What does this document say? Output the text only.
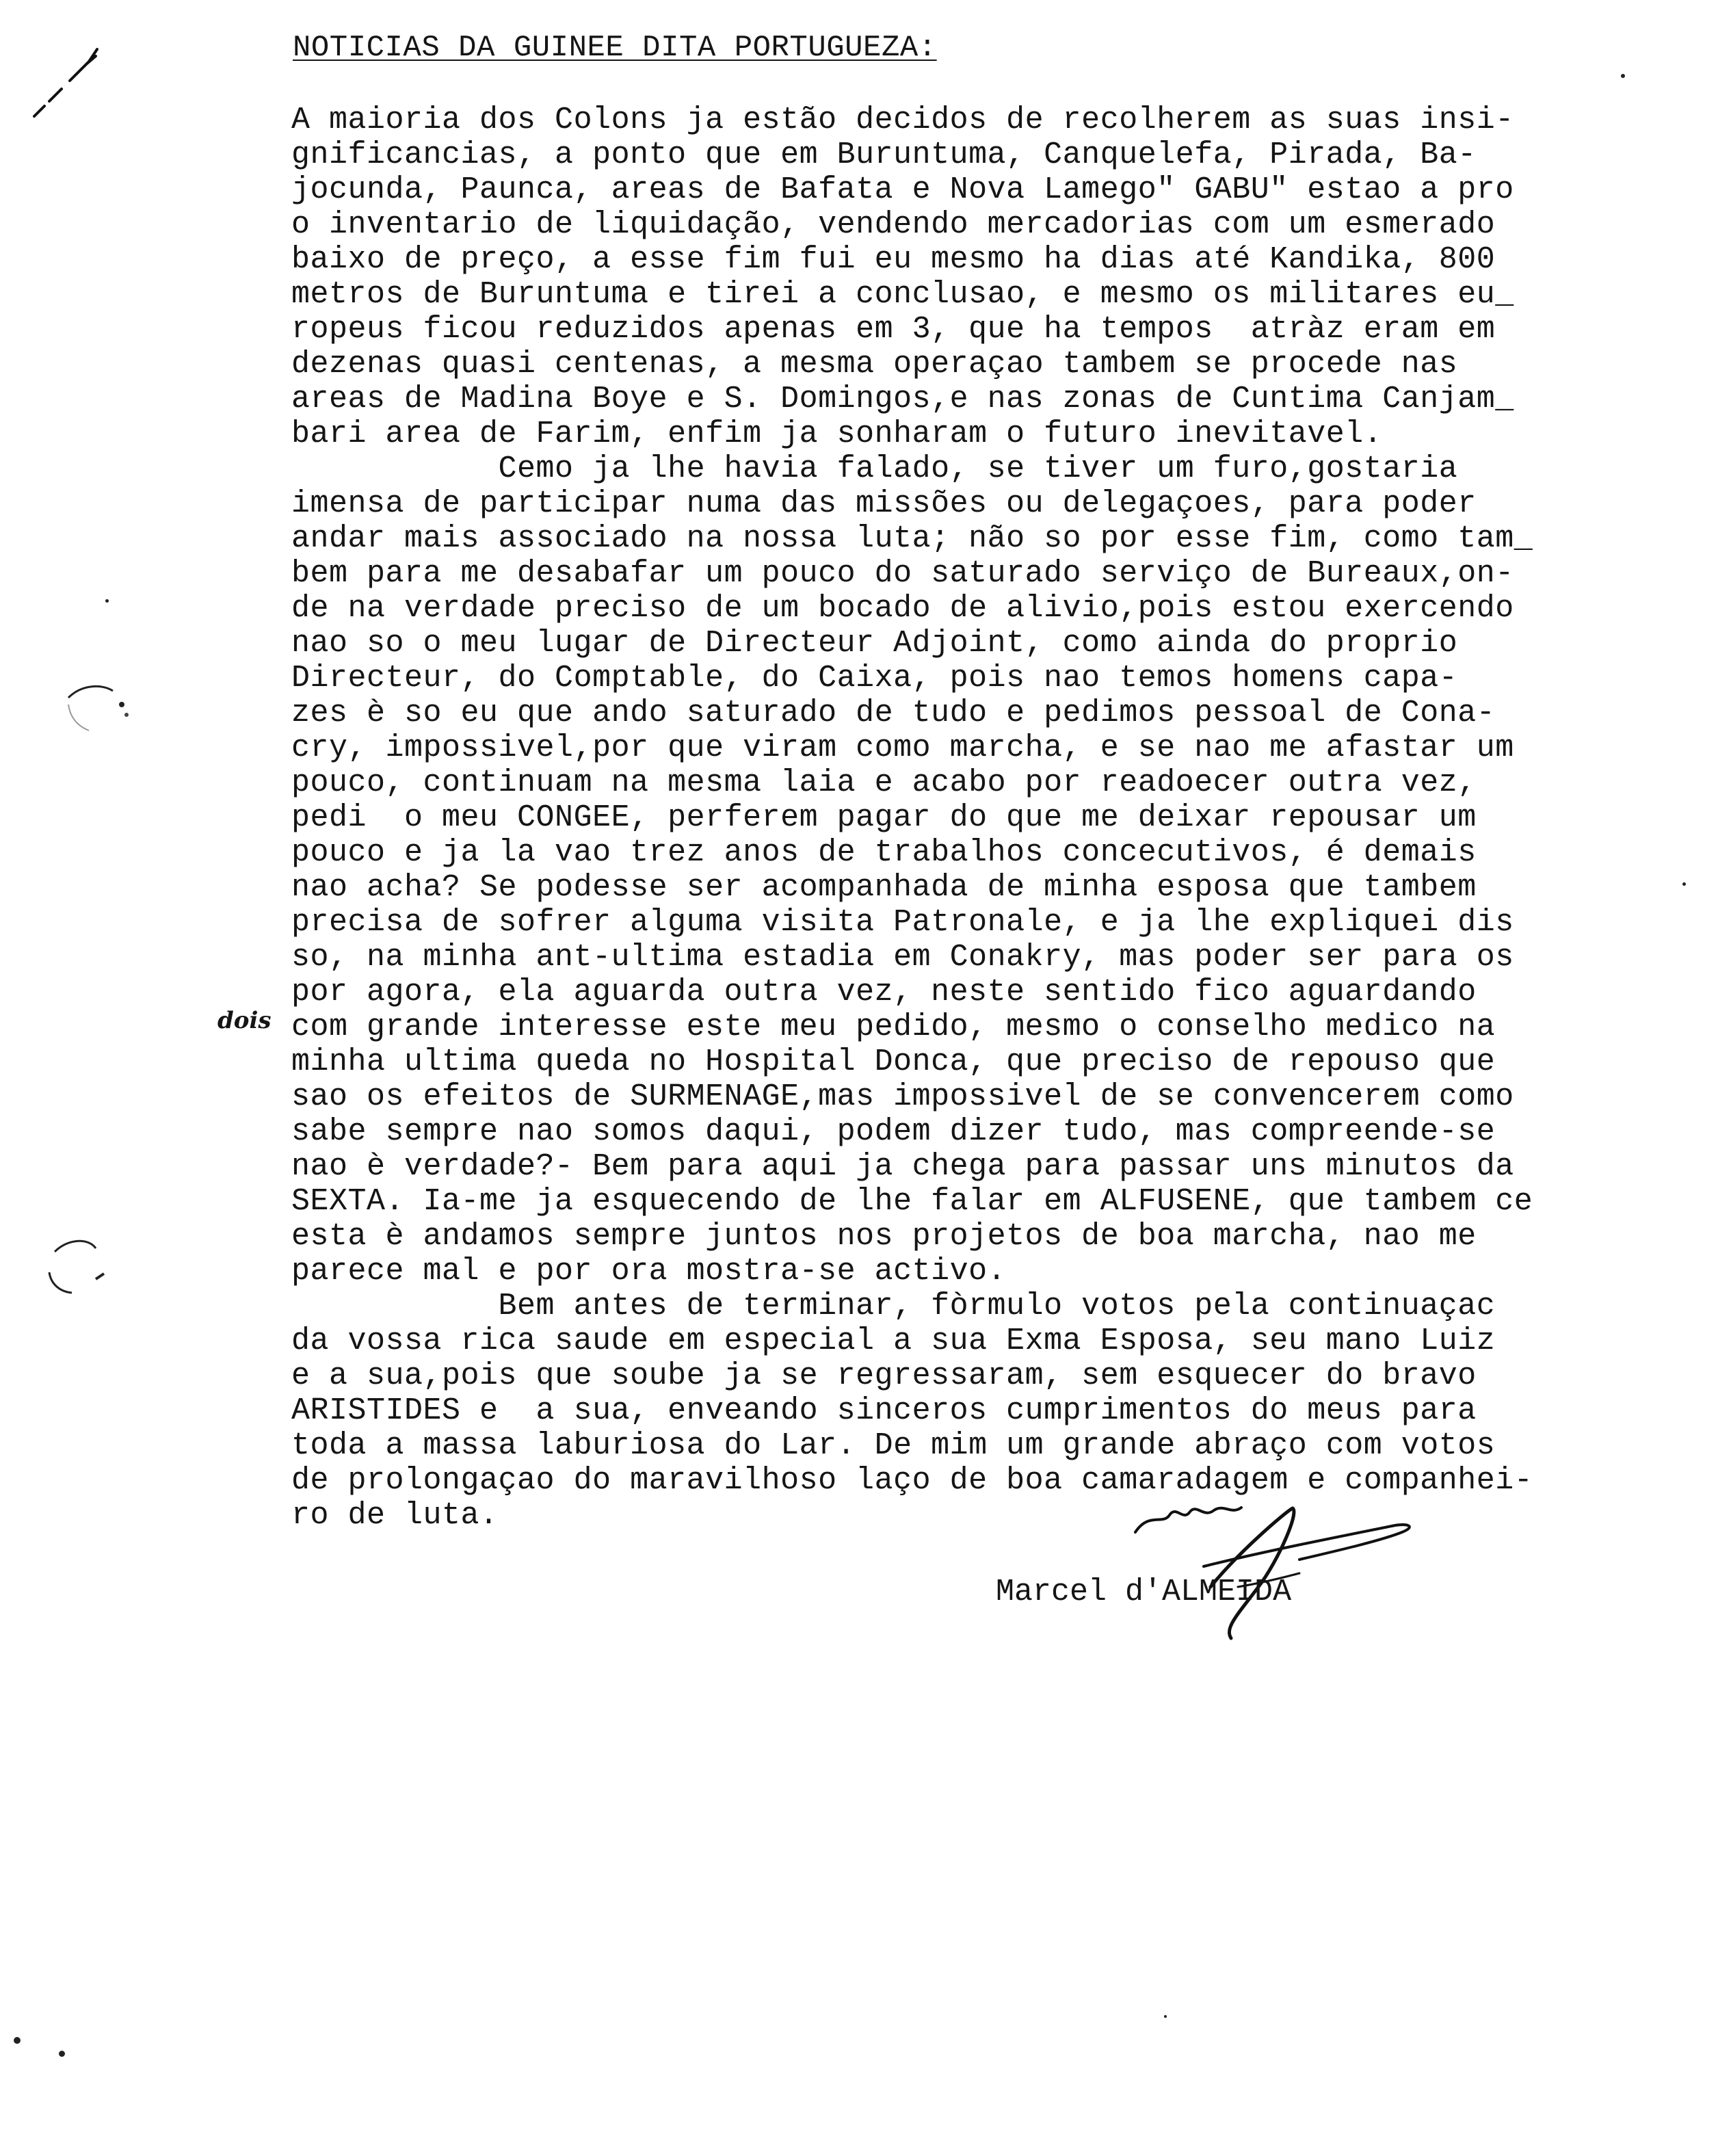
NOTICIAS DA GUINEE DITA PORTUGUEZA:
A maioria dos Colons ja estão decidos de recolherem as suas insi-
gnificancias, a ponto que em Buruntuma, Canquelefa, Pirada, Ba-
jocunda, Paunca, areas de Bafata e Nova Lamego" GABU" estao a pro
o inventario de liquidação, vendendo mercadorias com um esmerado
baixo de preço, a esse fim fui eu mesmo ha dias até Kandika, 800
metros de Buruntuma e tirei a conclusao, e mesmo os militares eu_
ropeus ficou reduzidos apenas em 3, que ha tempos  atràz eram em
dezenas quasi centenas, a mesma operaçao tambem se procede nas
areas de Madina Boye e S. Domingos,e nas zonas de Cuntima Canjam_
bari area de Farim, enfim ja sonharam o futuro inevitavel.
Cemo ja lhe havia falado, se tiver um furo,gostaria
imensa de participar numa das missões ou delegaçoes, para poder
andar mais associado na nossa luta; não so por esse fim, como tam_
bem para me desabafar um pouco do saturado serviço de Bureaux,on-
de na verdade preciso de um bocado de alivio,pois estou exercendo
nao so o meu lugar de Directeur Adjoint, como ainda do proprio
Directeur, do Comptable, do Caixa, pois nao temos homens capa-
zes è so eu que ando saturado de tudo e pedimos pessoal de Cona-
cry, impossivel,por que viram como marcha, e se nao me afastar um
pouco, continuam na mesma laia e acabo por readoecer outra vez,
pedi  o meu CONGEE, perferem pagar do que me deixar repousar um
pouco e ja la vao trez anos de trabalhos concecutivos, é demais
nao acha? Se podesse ser acompanhada de minha esposa que tambem
precisa de sofrer alguma visita Patronale, e ja lhe expliquei dis
so, na minha ant-ultima estadia em Conakry, mas poder ser para os
por agora, ela aguarda outra vez, neste sentido fico aguardando
com grande interesse este meu pedido, mesmo o conselho medico na
minha ultima queda no Hospital Donca, que preciso de repouso que
sao os efeitos de SURMENAGE,mas impossivel de se convencerem como
sabe sempre nao somos daqui, podem dizer tudo, mas compreende-se
nao è verdade?- Bem para aqui ja chega para passar uns minutos da
SEXTA. Ia-me ja esquecendo de lhe falar em ALFUSENE, que tambem ce
esta è andamos sempre juntos nos projetos de boa marcha, nao me
parece mal e por ora mostra-se activo.
Bem antes de terminar, fòrmulo votos pela continuaçac
da vossa rica saude em especial a sua Exma Esposa, seu mano Luiz
e a sua,pois que soube ja se regressaram, sem esquecer do bravo
ARISTIDES e  a sua, enveando sinceros cumprimentos do meus para
toda a massa laburiosa do Lar. De mim um grande abraço com votos
de prolongaçao do maravilhoso laço de boa camaradagem e companhei-
ro de luta.
dois
Marcel d'ALMEIDA
